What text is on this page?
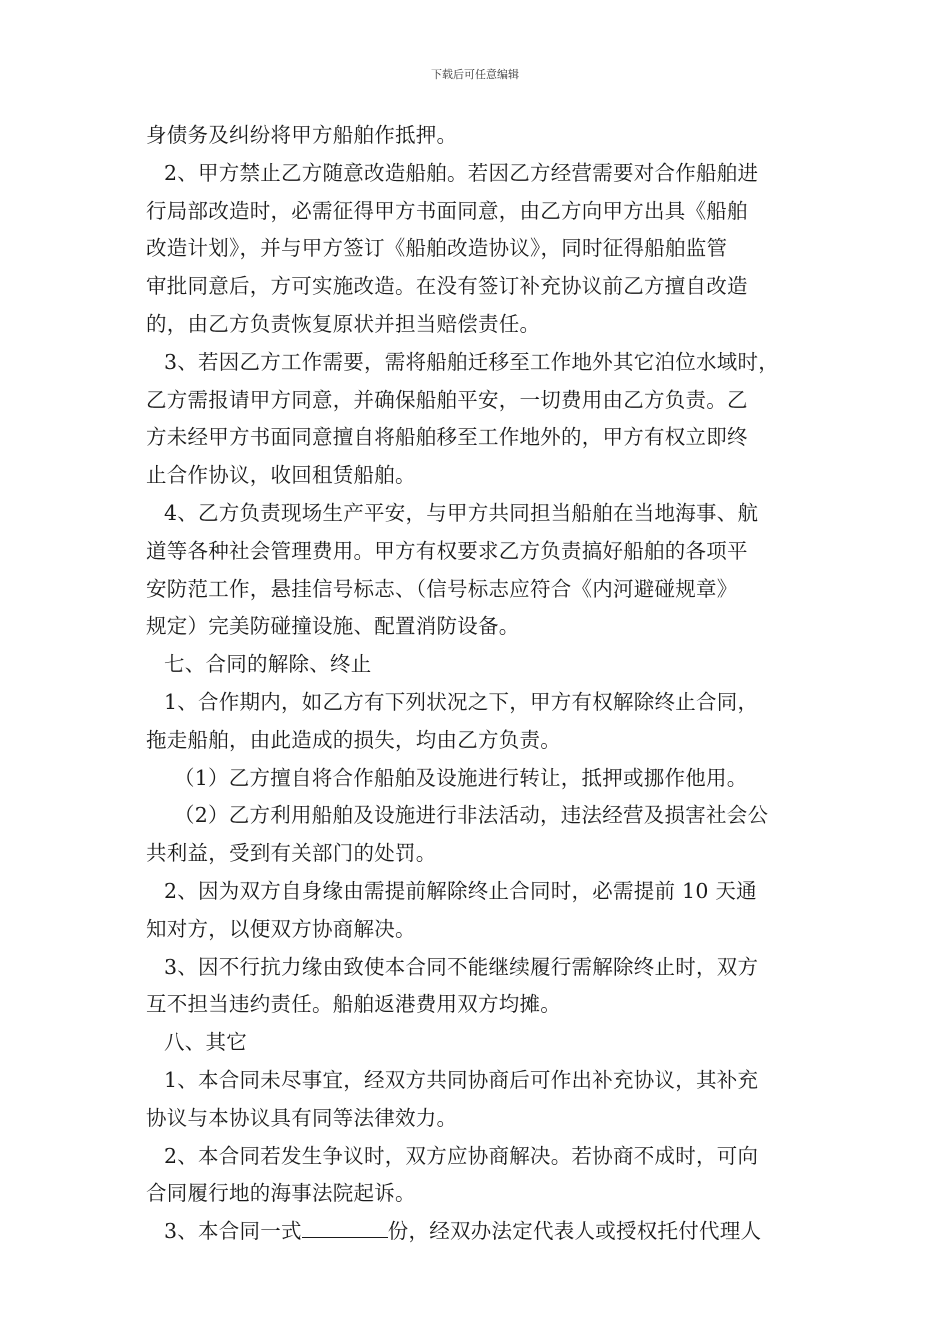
下载后可任意编辑
身债务及纠纷将甲方船舶作抵押。
2、甲方禁止乙方随意改造船舶。若因乙方经营需要对合作船舶进
行局部改造时，必需征得甲方书面同意，由乙方向甲方出具《船舶
改造计划》，并与甲方签订《船舶改造协议》，同时征得船舶监管
审批同意后，方可实施改造。在没有签订补充协议前乙方擅自改造
的，由乙方负责恢复原状并担当赔偿责任。
3、若因乙方工作需要，需将船舶迁移至工作地外其它泊位水域时，
乙方需报请甲方同意，并确保船舶平安，一切费用由乙方负责。乙
方未经甲方书面同意擅自将船舶移至工作地外的，甲方有权立即终
止合作协议，收回租赁船舶。
4、乙方负责现场生产平安，与甲方共同担当船舶在当地海事、航
道等各种社会管理费用。甲方有权要求乙方负责搞好船舶的各项平
安防范工作，悬挂信号标志、（信号标志应符合《内河避碰规章》
规定）完美防碰撞设施、配置消防设备。
七、合同的解除、终止
1、合作期内，如乙方有下列状况之下，甲方有权解除终止合同，
拖走船舶，由此造成的损失，均由乙方负责。
（1）乙方擅自将合作船舶及设施进行转让，抵押或挪作他用。
（2）乙方利用船舶及设施进行非法活动，违法经营及损害社会公
共利益，受到有关部门的处罚。
2、因为双方自身缘由需提前解除终止合同时，必需提前 10 天通
知对方，以便双方协商解决。
3、因不行抗力缘由致使本合同不能继续履行需解除终止时，双方
互不担当违约责任。船舶返港费用双方均摊。
八、其它
1、本合同未尽事宜，经双方共同协商后可作出补充协议，其补充
协议与本协议具有同等法律效力。
2、本合同若发生争议时，双方应协商解决。若协商不成时，可向
合同履行地的海事法院起诉。
3、本合同一式	份，经双办法定代表人或授权托付代理人
